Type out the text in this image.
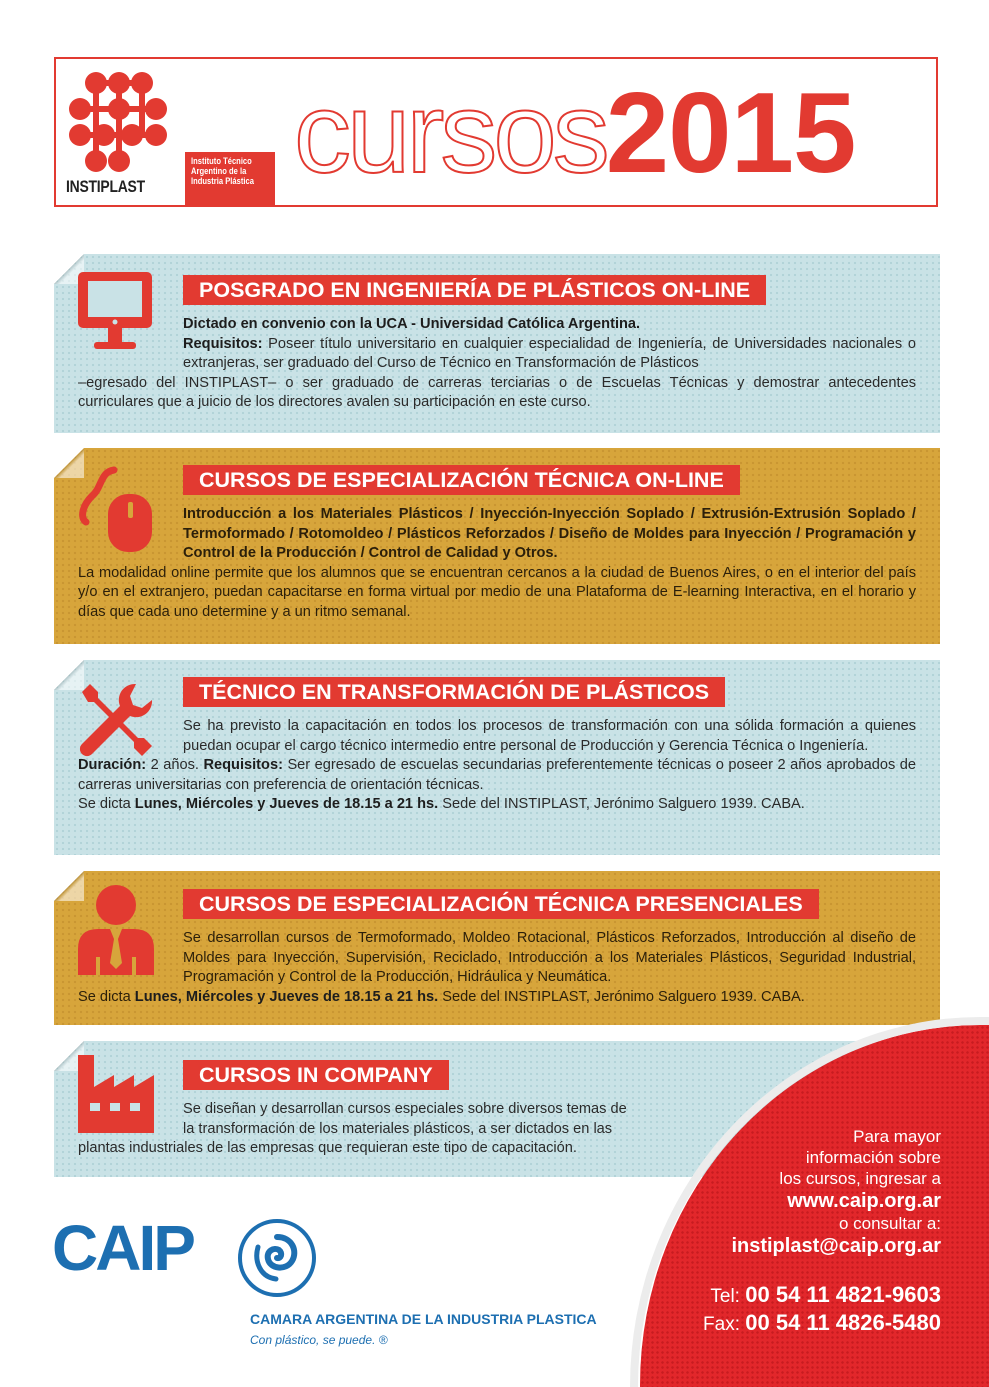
INSTIPLAST
Instituto Técnico
Argentino de la
Industria Plástica cursos2015
POSGRADO EN INGENIERÍA DE PLÁSTICOS ON-LINE
Dictado en convenio con la UCA - Universidad Católica Argentina.
Requisitos: Poseer título universitario en cualquier especialidad de Ingeniería, de Universidades nacionales o extranjeras, ser graduado del Curso de Técnico en Transformación de Plásticos
–egresado del INSTIPLAST– o ser graduado de carreras terciarias o de Escuelas Técnicas y demostrar antecedentes curriculares que a juicio de los directores avalen su participación en este curso.
CURSOS DE ESPECIALIZACIÓN TÉCNICA ON-LINE
Introducción a los Materiales Plásticos / Inyección-Inyección Soplado / Extrusión-Extrusión Soplado / Termoformado / Rotomoldeo / Plásticos Reforzados / Diseño de Moldes para Inyección / Programación y Control de la Producción / Control de Calidad y Otros.
La modalidad online permite que los alumnos que se encuentran cercanos a la ciudad de Buenos Aires, o en el interior del país y/o en el extranjero, puedan capacitarse en forma virtual por medio de una Plataforma de E-learning Interactiva, en el horario y días que cada uno determine y a un ritmo semanal.
TÉCNICO EN TRANSFORMACIÓN DE PLÁSTICOS
Se ha previsto la capacitación en todos los procesos de transformación con una sólida formación a quienes puedan ocupar el cargo técnico intermedio entre personal de Producción y Gerencia Técnica o Ingeniería.
Duración: 2 años. Requisitos: Ser egresado de escuelas secundarias preferentemente técnicas o poseer 2 años aprobados de carreras universitarias con preferencia de orientación técnicas.
Se dicta Lunes, Miércoles y Jueves de 18.15 a 21 hs. Sede del INSTIPLAST, Jerónimo Salguero 1939. CABA.
CURSOS DE ESPECIALIZACIÓN TÉCNICA PRESENCIALES
Se desarrollan cursos de Termoformado, Moldeo Rotacional, Plásticos Reforzados, Introducción al diseño de Moldes para Inyección, Supervisión, Reciclado, Introducción a los Materiales Plásticos, Seguridad Industrial, Programación y Control de la Producción, Hidráulica y Neumática.
Se dicta Lunes, Miércoles y Jueves de 18.15 a 21 hs. Sede del INSTIPLAST, Jerónimo Salguero 1939. CABA.
CURSOS IN COMPANY
Se diseñan y desarrollan cursos especiales sobre diversos temas de
la transformación de los materiales plásticos, a ser dictados en las
plantas industriales de las empresas que requieran este tipo de capacitación.
Para mayor
información sobre
los cursos, ingresar a
www.caip.org.ar
o consultar a:
instiplast@caip.org.ar
Tel: 00 54 11 4821-9603
Fax: 00 54 11 4826-5480
CAIP
CAMARA ARGENTINA DE LA INDUSTRIA PLASTICA
Con plástico, se puede. ®
